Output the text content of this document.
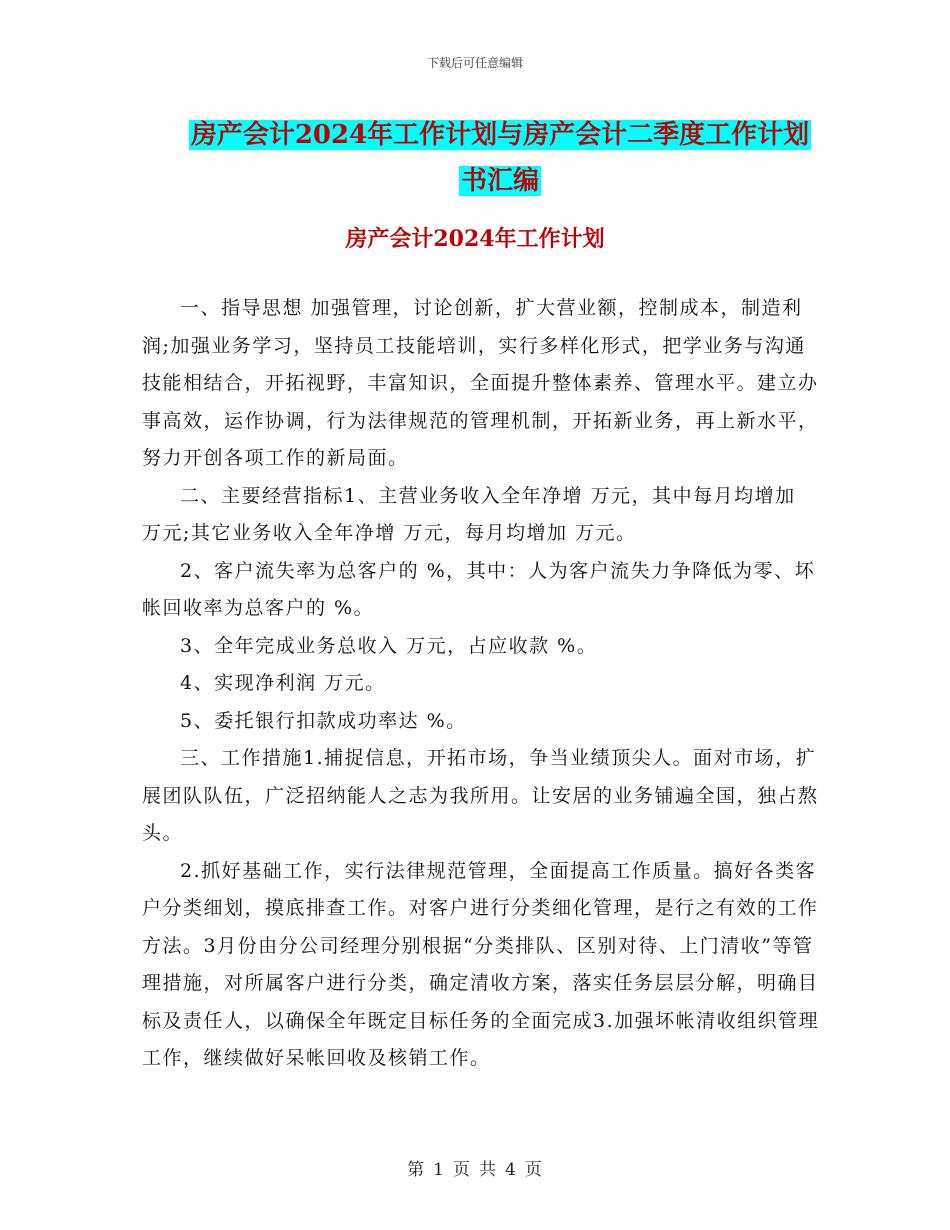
下载后可任意编辑
房产会计2024年工作计划与房产会计二季度工作计划
书汇编
房产会计2024年工作计划

一、指导思想 加强管理，讨论创新，扩大营业额，控制成本，制造利润;加强业务学习，坚持员工技能培训，实行多样化形式，把学业务与沟通技能相结合，开拓视野，丰富知识，全面提升整体素养、管理水平。建立办事高效，运作协调，行为法律规范的管理机制，开拓新业务，再上新水平，努力开创各项工作的新局面。

二、主要经营指标1、主营业务收入全年净增 万元，其中每月均增加 万元;其它业务收入全年净增 万元，每月均增加 万元。

2、客户流失率为总客户的 %，其中：人为客户流失力争降低为零、坏帐回收率为总客户的 %。

3、全年完成业务总收入 万元，占应收款 %。

4、实现净利润 万元。

5、委托银行扣款成功率达 %。

三、工作措施1.捕捉信息，开拓市场，争当业绩顶尖人。面对市场，扩展团队队伍，广泛招纳能人之志为我所用。让安居的业务铺遍全国，独占熬头。

2.抓好基础工作，实行法律规范管理，全面提高工作质量。搞好各类客户分类细划，摸底排查工作。对客户进行分类细化管理，是行之有效的工作方法。3月份由分公司经理分别根据“分类排队、区别对待、上门清收”等管理措施，对所属客户进行分类，确定清收方案，落实任务层层分解，明确目标及责任人，以确保全年既定目标任务的全面完成3.加强坏帐清收组织管理工作，继续做好呆帐回收及核销工作。

第 1 页 共 4 页
